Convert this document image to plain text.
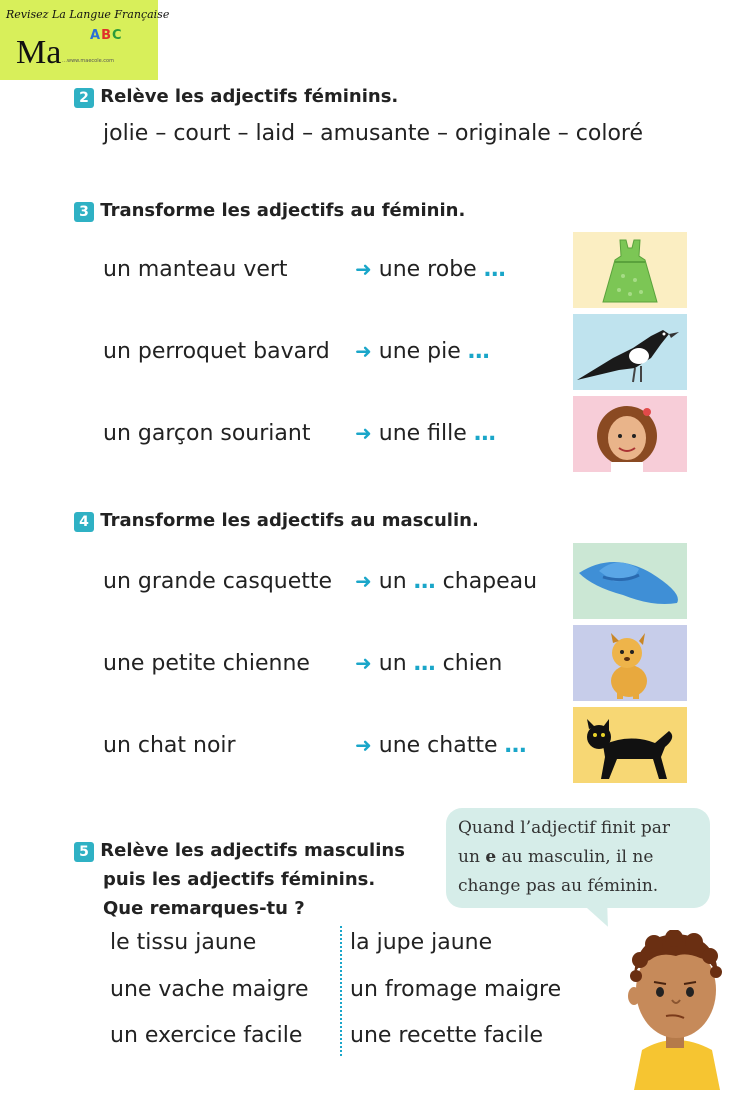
Revisez La Langue Française
Ma ABC
…www.maecole.com
2 Relève les adjectifs féminins.
jolie – court – laid – amusante – originale – coloré
3 Transforme les adjectifs au féminin.
un manteau vert	➜ une robe …
un perroquet bavard ➜ une pie …
un garçon souriant ➜ une fille …
4 Transforme les adjectifs au masculin.
un grande casquette ➜ un … chapeau
une petite chienne ➜ un … chien
un chat noir	➜ une chatte …
5 Relève les adjectifs masculins
puis les adjectifs féminins.
Que remarques-tu ?
le tissu jaune
une vache maigre
un exercice facile
la jupe jaune
un fromage maigre
une recette facile
Quand l’adjectif finit par
un e au masculin, il ne
change pas au féminin.
